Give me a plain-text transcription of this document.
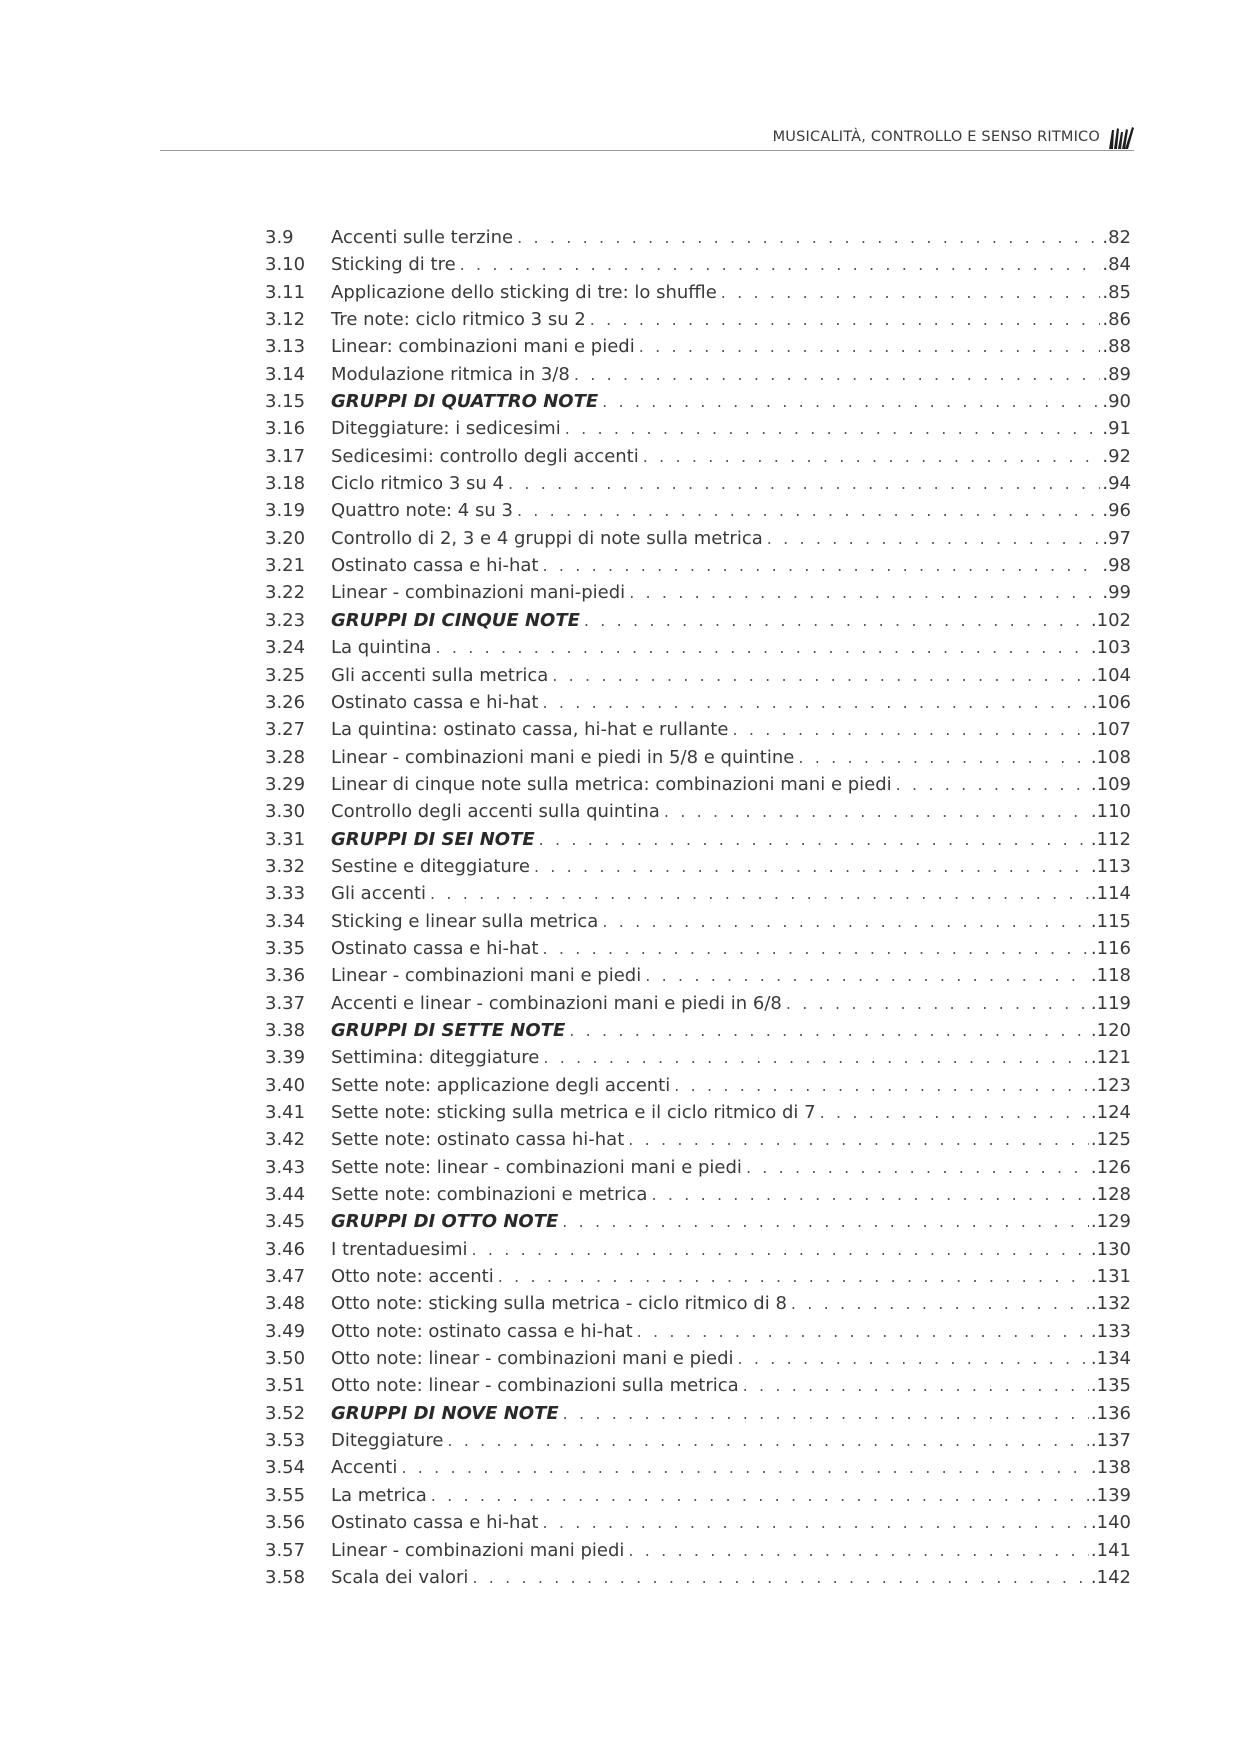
MUSICALITÀ, CONTROLLO E SENSO RITMICO
3.9	Accenti sulle terzine . . .	.82
3.10	Sticking di tre . . .	.84
3.11	Applicazione dello sticking di tre: lo shuffle . . .	.85
3.12	Tre note: ciclo ritmico 3 su 2 . . .	.86
3.13	Linear: combinazioni mani e piedi . . .	.88
3.14	Modulazione ritmica in 3/8 . . .	.89
3.15	GRUPPI DI QUATTRO NOTE . . .	.90
3.16	Diteggiature: i sedicesimi . . .	.91
3.17	Sedicesimi: controllo degli accenti . . .	.92
3.18	Ciclo ritmico 3 su 4 . . .	.94
3.19	Quattro note: 4 su 3 . . .	.96
3.20	Controllo di 2, 3 e 4 gruppi di note sulla metrica . . .	.97
3.21	Ostinato cassa e hi-hat . . .	.98
3.22	Linear - combinazioni mani-piedi . . .	.99
3.23	GRUPPI DI CINQUE NOTE . . .	.102
3.24	La quintina . . .	.103
3.25	Gli accenti sulla metrica . . .	.104
3.26	Ostinato cassa e hi-hat . . .	.106
3.27	La quintina: ostinato cassa, hi-hat e rullante . . .	.107
3.28	Linear - combinazioni mani e piedi in 5/8 e quintine . . .	.108
3.29	Linear di cinque note sulla metrica: combinazioni mani e piedi . . .	.109
3.30	Controllo degli accenti sulla quintina . . .	.110
3.31	GRUPPI DI SEI NOTE . . .	.112
3.32	Sestine e diteggiature . . .	.113
3.33	Gli accenti . . .	.114
3.34	Sticking e linear sulla metrica . . .	.115
3.35	Ostinato cassa e hi-hat . . .	.116
3.36	Linear - combinazioni mani e piedi . . .	.118
3.37	Accenti e linear - combinazioni mani e piedi in 6/8 . . .	.119
3.38	GRUPPI DI SETTE NOTE . . .	.120
3.39	Settimina: diteggiature . . .	.121
3.40	Sette note: applicazione degli accenti . . .	.123
3.41	Sette note: sticking sulla metrica e il ciclo ritmico di 7 . . .	.124
3.42	Sette note: ostinato cassa hi-hat . . .	.125
3.43	Sette note: linear - combinazioni mani e piedi . . .	.126
3.44	Sette note: combinazioni e metrica . . .	.128
3.45	GRUPPI DI OTTO NOTE . . .	.129
3.46	I trentaduesimi . . .	.130
3.47	Otto note: accenti . . .	.131
3.48	Otto note: sticking sulla metrica - ciclo ritmico di 8 . . .	.132
3.49	Otto note: ostinato cassa e hi-hat . . .	.133
3.50	Otto note: linear - combinazioni mani e piedi . . .	.134
3.51	Otto note: linear - combinazioni sulla metrica . . .	.135
3.52	GRUPPI DI NOVE NOTE . . .	.136
3.53	Diteggiature . . .	.137
3.54	Accenti . . .	.138
3.55	La metrica . . .	.139
3.56	Ostinato cassa e hi-hat . . .	.140
3.57	Linear - combinazioni mani piedi . . .	.141
3.58	Scala dei valori . . .	.142
